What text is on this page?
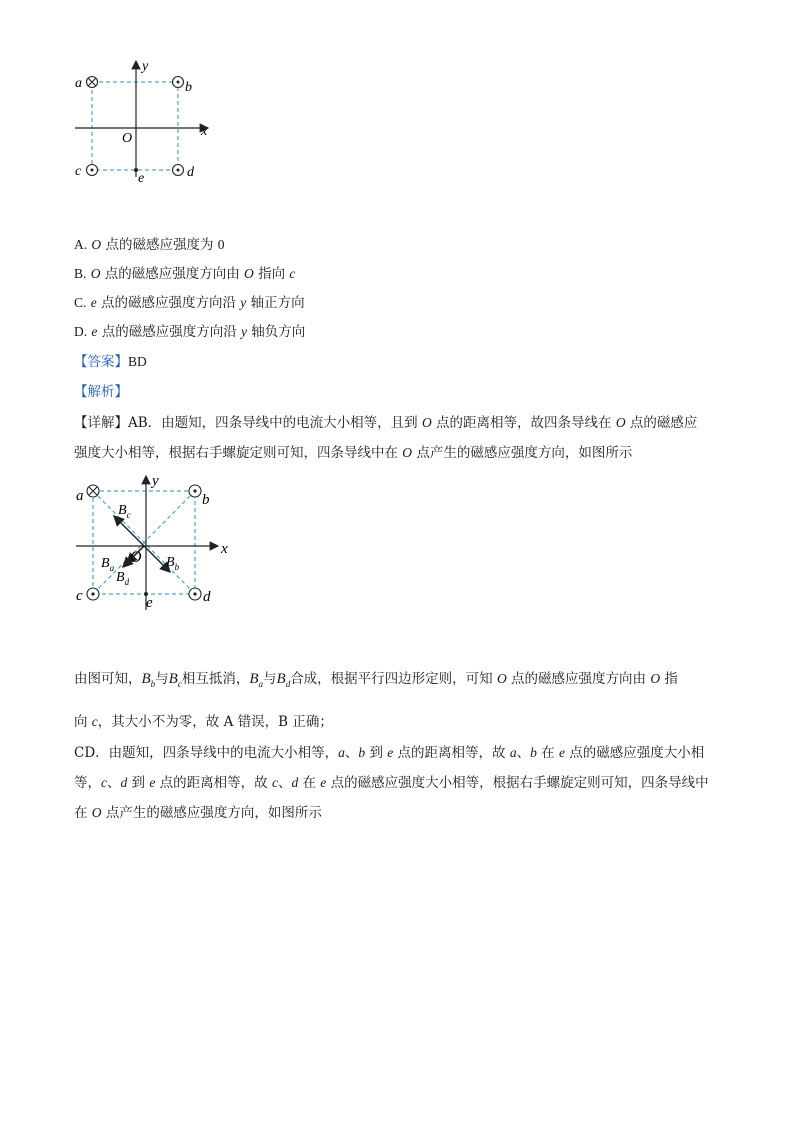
a	b
c	d
e
O	x
y
A. O 点的磁感应强度为 0
B. O 点的磁感应强度方向由 O 指向 c
C. e 点的磁感应强度方向沿 y 轴正方向
D. e 点的磁感应强度方向沿 y 轴负方向
【答案】BD
【解析】
【详解】AB．由题知，四条导线中的电流大小相等，且到 O 点的距离相等，故四条导线在 O 点的磁感应
强度大小相等，根据右手螺旋定则可知，四条导线中在 O 点产生的磁感应强度方向，如图所示
a	b
c	d
e
O	x
y
$B_c$
$B_a$
$B_d$
$B_b$
由图可知，$B_b$与$B_c$相互抵消，$B_a$与$B_d$合成，根据平行四边形定则，可知 O 点的磁感应强度方向由 O 指
向 c，其大小不为零，故 A 错误，B 正确；
CD．由题知，四条导线中的电流大小相等，a、b 到 e 点的距离相等，故 a、b 在 e 点的磁感应强度大小相
等，c、d 到 e 点的距离相等，故 c、d 在 e 点的磁感应强度大小相等，根据右手螺旋定则可知，四条导线中
在 O 点产生的磁感应强度方向，如图所示
